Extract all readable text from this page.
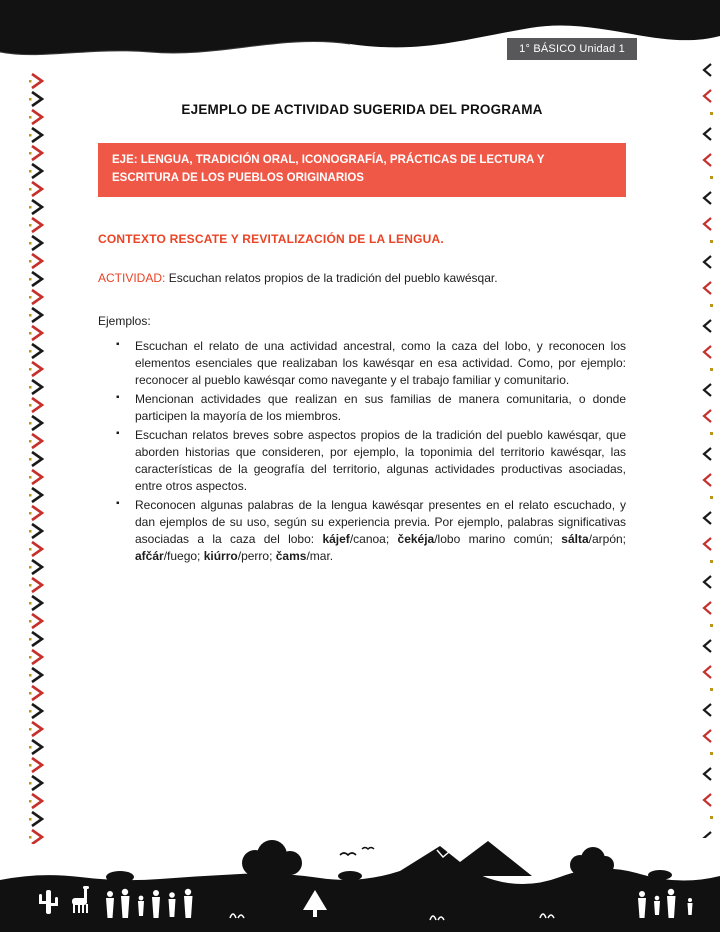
1° BÁSICO Unidad 1
EJEMPLO DE ACTIVIDAD SUGERIDA DEL PROGRAMA
EJE: LENGUA, TRADICIÓN ORAL, ICONOGRAFÍA, PRÁCTICAS DE LECTURA Y ESCRITURA DE LOS PUEBLOS ORIGINARIOS
CONTEXTO RESCATE Y REVITALIZACIÓN DE LA LENGUA.

ACTIVIDAD: Escuchan relatos propios de la tradición del pueblo kawésqar.

Ejemplos:

▪ Escuchan el relato de una actividad ancestral, como la caza del lobo, y reconocen los elementos esenciales que realizaban los kawésqar en esa actividad. Como, por ejemplo: reconocer al pueblo kawésqar como navegante y el trabajo familiar y comunitario.
▪ Mencionan actividades que realizan en sus familias de manera comunitaria, o donde participen la mayoría de los miembros.
▪ Escuchan relatos breves sobre aspectos propios de la tradición del pueblo kawésqar, que aborden historias que consideren, por ejemplo, la toponimia del territorio kawésqar, las características de la geografía del territorio, algunas actividades productivas asociadas, entre otros aspectos.
▪ Reconocen algunas palabras de la lengua kawésqar presentes en el relato escuchado, y dan ejemplos de su uso, según su experiencia previa. Por ejemplo, palabras significativas asociadas a la caza del lobo: kájef/canoa; čekéja/lobo marino común; sálta/arpón; afčár/fuego; kiúrro/perro; čams/mar.
